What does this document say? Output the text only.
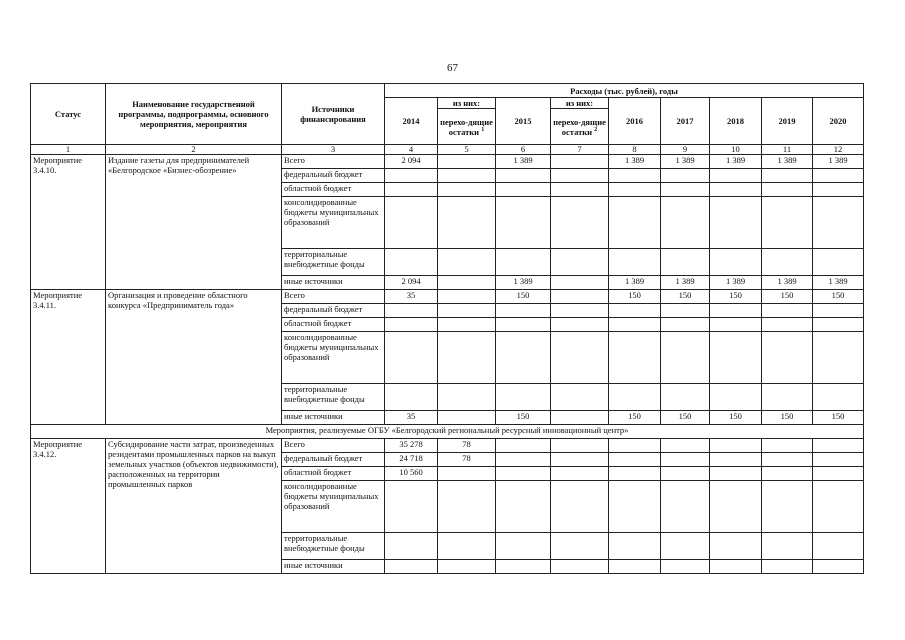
67
Статус	Наименование государственной программы, подпрограммы, основного мероприятия, мероприятия	Источники финансирования	Расходы (тыс. рублей), годы								
			2014	из них:	2015	из них:	2016	2017	2018	2019	2020
				перехо-дящие остатки $^1$		перехо-дящие остатки $^2$
1	2	3	4	5	6	7	8	9	10	11	12
Мероприятие 3.4.10.	Издание газеты для предпринимателей «Белгородское «Бизнес-обозрение»	Всего	2 094		1 389		1 389	1 389	1 389	1 389	1 389
		федеральный бюджет									
		областной бюджет									
		консолидированные бюджеты муниципальных образований									
		территориальные внебюджетные фонды									
		иные источники	2 094		1 389		1 389	1 389	1 389	1 389	1 389
Мероприятие 3.4.11.	Организация и проведение областного конкурса «Предприниматель года»	Всего	35		150		150	150	150	150	150
		федеральный бюджет									
		областной бюджет									
		консолидированные бюджеты муниципальных образований									
		территориальные внебюджетные фонды									
		иные источники	35		150		150	150	150	150	150
Мероприятия, реализуемые ОГБУ «Белгородский региональный ресурсный инновационный центр»											
Мероприятие 3.4.12.	Субсидирование части затрат, произведенных резидентами промышленных парков на выкуп земельных участков (объектов недвижимости), расположенных на территории промышленных парков	Всего	35 278	78							
		федеральный бюджет	24 718	78							
		областной бюджет	10 560								
		консолидированные бюджеты муниципальных образований									
		территориальные внебюджетные фонды									
		иные источники									
